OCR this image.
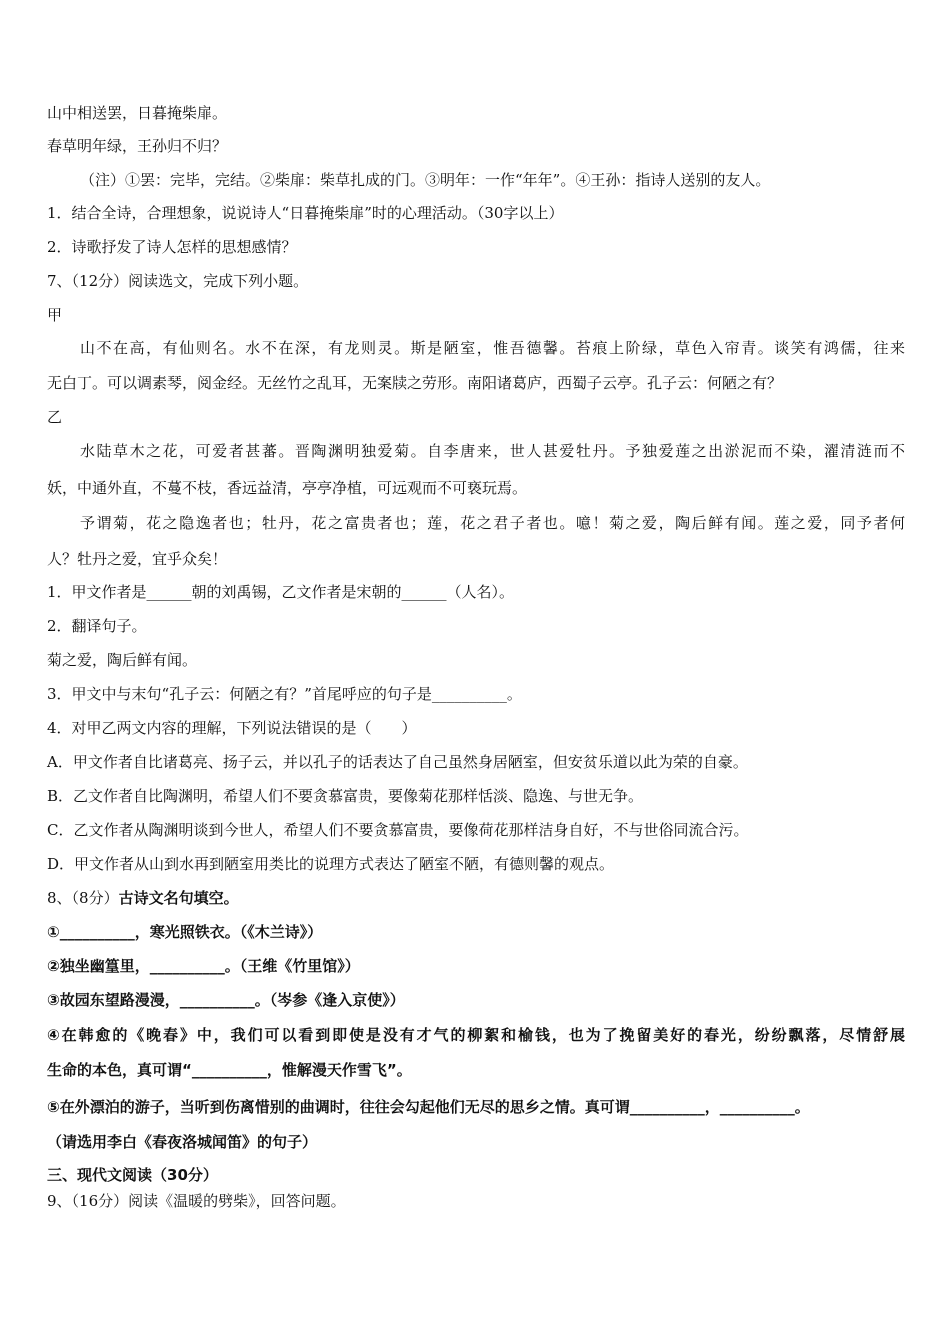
山中相送罢，日暮掩柴扉。
春草明年绿，王孙归不归？
（注）①罢：完毕，完结。②柴扉：柴草扎成的门。③明年：一作“年年”。④王孙：指诗人送别的友人。
1．结合全诗，合理想象，说说诗人“日暮掩柴扉”时的心理活动。（30字以上）
2．诗歌抒发了诗人怎样的思想感情？
7、（12分）阅读选文，完成下列小题。
甲
山不在高，有仙则名。水不在深，有龙则灵。斯是陋室，惟吾德馨。苔痕上阶绿，草色入帘青。谈笑有鸿儒，往来
无白丁。可以调素琴，阅金经。无丝竹之乱耳，无案牍之劳形。南阳诸葛庐，西蜀子云亭。孔子云：何陋之有？
乙
水陆草木之花，可爱者甚蕃。晋陶渊明独爱菊。自李唐来，世人甚爱牡丹。予独爱莲之出淤泥而不染，濯清涟而不
妖，中通外直，不蔓不枝，香远益清，亭亭净植，可远观而不可亵玩焉。
予谓菊，花之隐逸者也；牡丹，花之富贵者也；莲，花之君子者也。噫！菊之爱，陶后鲜有闻。莲之爱，同予者何
人？牡丹之爱，宜乎众矣！
1．甲文作者是______朝的刘禹锡，乙文作者是宋朝的______（人名）。
2．翻译句子。
菊之爱，陶后鲜有闻。
3．甲文中与末句“孔子云：何陋之有？”首尾呼应的句子是__________。
4．对甲乙两文内容的理解，下列说法错误的是（　　）
A．甲文作者自比诸葛亮、扬子云，并以孔子的话表达了自己虽然身居陋室，但安贫乐道以此为荣的自豪。
B．乙文作者自比陶渊明，希望人们不要贪慕富贵，要像菊花那样恬淡、隐逸、与世无争。
C．乙文作者从陶渊明谈到今世人，希望人们不要贪慕富贵，要像荷花那样洁身自好，不与世俗同流合污。
D．甲文作者从山到水再到陋室用类比的说理方式表达了陋室不陋，有德则馨的观点。
8、（8分）古诗文名句填空。
①__________，寒光照铁衣。（《木兰诗》）
②独坐幽篁里，__________。（王维《竹里馆》）
③故园东望路漫漫，__________。（岑参《逢入京使》）
④在韩愈的《晚春》中，我们可以看到即使是没有才气的柳絮和榆钱，也为了挽留美好的春光，纷纷飘落，尽情舒展
生命的本色，真可谓“__________，惟解漫天作雪飞”。
⑤在外漂泊的游子，当听到伤离惜别的曲调时，往往会勾起他们无尽的思乡之情。真可谓__________，__________。
（请选用李白《春夜洛城闻笛》的句子）
三、现代文阅读（30分）
9、（16分）阅读《温暖的劈柴》，回答问题。
